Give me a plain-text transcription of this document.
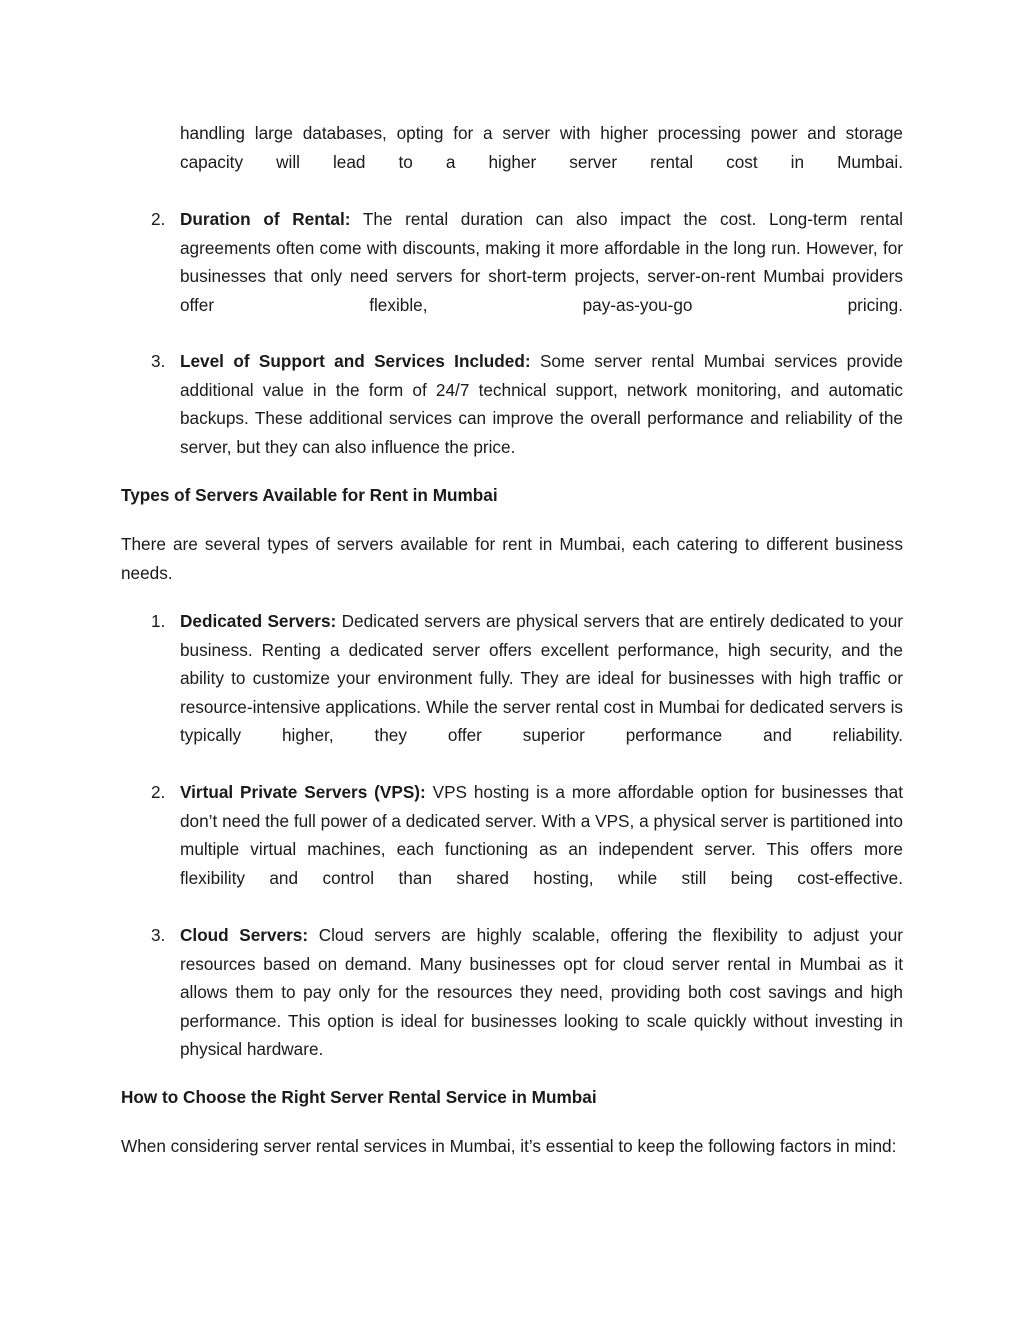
handling large databases, opting for a server with higher processing power and storage capacity will lead to a higher server rental cost in Mumbai.
2. Duration of Rental: The rental duration can also impact the cost. Long-term rental agreements often come with discounts, making it more affordable in the long run. However, for businesses that only need servers for short-term projects, server-on-rent Mumbai providers offer flexible, pay-as-you-go pricing.
3. Level of Support and Services Included: Some server rental Mumbai services provide additional value in the form of 24/7 technical support, network monitoring, and automatic backups. These additional services can improve the overall performance and reliability of the server, but they can also influence the price.
Types of Servers Available for Rent in Mumbai
There are several types of servers available for rent in Mumbai, each catering to different business needs.
1. Dedicated Servers: Dedicated servers are physical servers that are entirely dedicated to your business. Renting a dedicated server offers excellent performance, high security, and the ability to customize your environment fully. They are ideal for businesses with high traffic or resource-intensive applications. While the server rental cost in Mumbai for dedicated servers is typically higher, they offer superior performance and reliability.
2. Virtual Private Servers (VPS): VPS hosting is a more affordable option for businesses that don’t need the full power of a dedicated server. With a VPS, a physical server is partitioned into multiple virtual machines, each functioning as an independent server. This offers more flexibility and control than shared hosting, while still being cost-effective.
3. Cloud Servers: Cloud servers are highly scalable, offering the flexibility to adjust your resources based on demand. Many businesses opt for cloud server rental in Mumbai as it allows them to pay only for the resources they need, providing both cost savings and high performance. This option is ideal for businesses looking to scale quickly without investing in physical hardware.
How to Choose the Right Server Rental Service in Mumbai
When considering server rental services in Mumbai, it’s essential to keep the following factors in mind:
